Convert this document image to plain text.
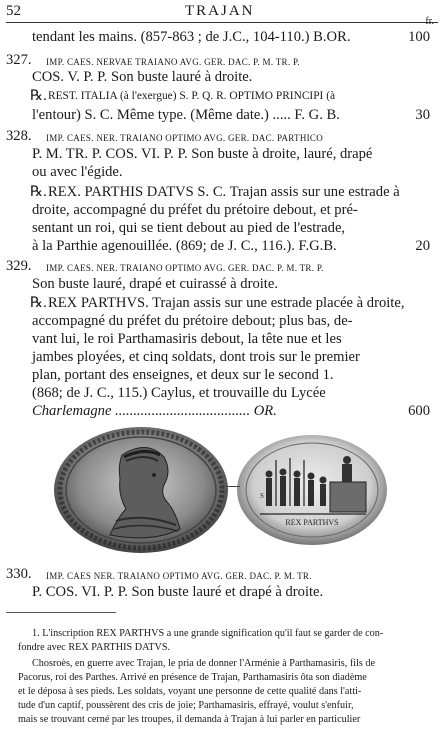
52	TRAJAN
fr.
tendant les mains. (857-863 ; de J.C., 104-110.) B.OR.	100
327. IMP. CAES. NERVAE TRAIANO AVG. GER. DAC. P. M. TR. P.
COS. V. P. P. Son buste lauré à droite.
℞. REST. ITALIA (à l'exergue) S. P. Q. R. OPTIMO PRINCIPI (à
l'entour) S. C. Même type. (Même date.) ..... F. G. B.	30
328. IMP. CAES. NER. TRAIANO OPTIMO AVG. GER. DAC. PARTHICO
P. M. TR. P. COS. VI. P. P. Son buste à droite, lauré, drapé
ou avec l'égide.
℞. REX. PARTHIS DATVS S. C. Trajan assis sur une estrade à
droite, accompagné du préfet du prétoire debout, et pré-
sentant un roi, qui se tient debout au pied de l'estrade,
à la Parthie agenouillée. (869; de J. C., 116.). F.G.B.	20
329. IMP. CAES. NER. TRAIANO OPTIMO AVG. GER. DAC. P. M. TR. P.
Son buste lauré, drapé et cuirassé à droite.
℞. REX PARTHVS. Trajan assis sur une estrade placée à droite,
accompagné du préfet du prétoire debout; plus bas, de-
vant lui, le roi Parthamasiris debout, la tête nue et les
jambes ployées, et cinq soldats, dont trois sur le premier
plan, portant des enseignes, et deux sur le second 1.
(868; de J. C., 115.) Caylus, et trouvaille du Lycée
Charlemagne ..................................... OR.	600
REX PARTHVS
S C
330. IMP. CAES NER. TRAIANO OPTIMO AVG. GER. DAC. P. M. TR.
P. COS. VI. P. P. Son buste lauré et drapé à droite.
1. L'inscription REX PARTHVS a une grande signification qu'il faut se garder de con-
fondre avec REX PARTHIS DATVS.
Chosroès, en guerre avec Trajan, le pria de donner l'Arménie à Parthamasiris, fils de
Pacorus, roi des Parthes. Arrivé en présence de Trajan, Parthamasiris ôta son diadème
et le déposa à ses pieds. Les soldats, voyant une personne de cette qualité dans l'atti-
tude d'un captif, poussèrent des cris de joie; Parthamasiris, effrayé, voulut s'enfuir,
mais se trouvant cerné par les troupes, il demanda à Trajan à lui parler en particulier
